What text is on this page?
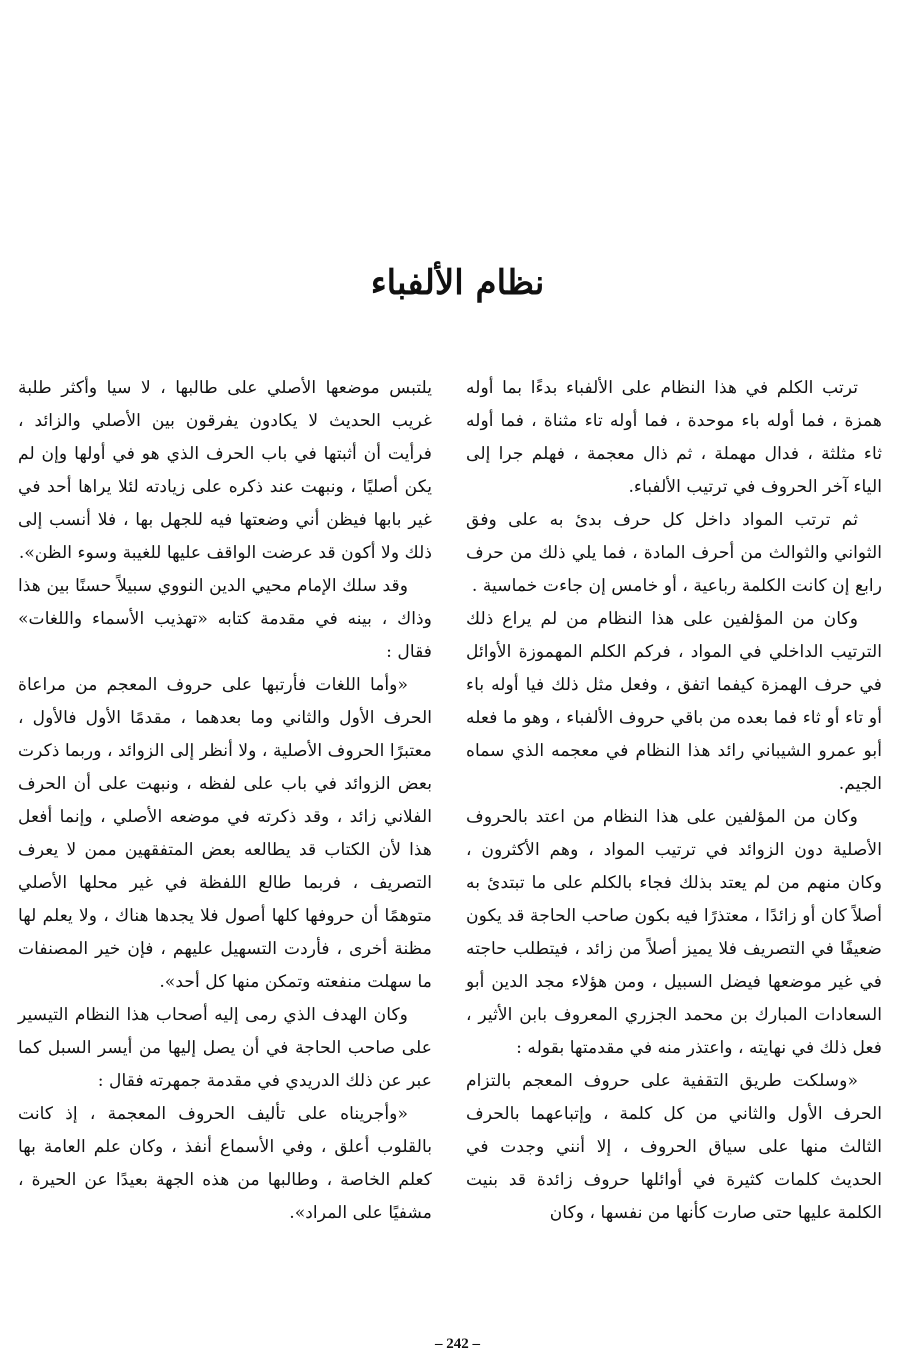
نظام الألفباء

ترتب الكلم في هذا النظام على الألفباء بدءًا بما أوله همزة ، فما أوله باء موحدة ، فما أوله تاء مثناة ، فما أوله ثاء مثلثة ، فدال مهملة ، ثم ذال معجمة ، فهلم جرا إلى الياء آخر الحروف في ترتيب الألفباء.

ثم ترتب المواد داخل كل حرف بدئ به على وفق الثواني والثوالث من أحرف المادة ، فما يلي ذلك من حرف رابع إن كانت الكلمة رباعية ، أو خامس إن جاءت خماسية .

وكان من المؤلفين على هذا النظام من لم يراع ذلك الترتيب الداخلي في المواد ، فركم الكلم المهموزة الأوائل في حرف الهمزة كيفما اتفق ، وفعل مثل ذلك فيا أوله باء أو تاء أو ثاء فما بعده من باقي حروف الألفباء ، وهو ما فعله أبو عمرو الشيباني رائد هذا النظام في معجمه الذي سماه الجيم.

وكان من المؤلفين على هذا النظام من اعتد بالحروف الأصلية دون الزوائد في ترتيب المواد ، وهم الأكثرون ، وكان منهم من لم يعتد بذلك فجاء بالكلم على ما تبتدئ به أصلاً كان أو زائدًا ، معتذرًا فيه بكون صاحب الحاجة قد يكون ضعيفًا في التصريف فلا يميز أصلاً من زائد ، فيتطلب حاجته في غير موضعها فيضل السبيل ، ومن هؤلاء مجد الدين أبو السعادات المبارك بن محمد الجزري المعروف بابن الأثير ، فعل ذلك في نهايته ، واعتذر منه في مقدمتها بقوله :

«وسلكت طريق التقفية على حروف المعجم بالتزام الحرف الأول والثاني من كل كلمة ، وإتباعهما بالحرف الثالث منها على سياق الحروف ، إلا أنني وجدت في الحديث كلمات كثيرة في أوائلها حروف زائدة قد بنيت الكلمة عليها حتى صارت كأنها من نفسها ، وكان

يلتبس موضعها الأصلي على طالبها ، لا سيا وأكثر طلبة غريب الحديث لا يكادون يفرقون بين الأصلي والزائد ، فرأيت أن أثبتها في باب الحرف الذي هو في أولها وإن لم يكن أصليًا ، ونبهت عند ذكره على زيادته لئلا يراها أحد في غير بابها فيظن أني وضعتها فيه للجهل بها ، فلا أنسب إلى ذلك ولا أكون قد عرضت الواقف عليها للغيبة وسوء الظن».

وقد سلك الإمام محيي الدين النووي سبيلاً حسنًا بين هذا وذاك ، بينه في مقدمة كتابه «تهذيب الأسماء واللغات» فقال :

«وأما اللغات فأرتبها على حروف المعجم من مراعاة الحرف الأول والثاني وما بعدهما ، مقدمًا الأول فالأول ، معتبرًا الحروف الأصلية ، ولا أنظر إلى الزوائد ، وربما ذكرت بعض الزوائد في باب على لفظه ، ونبهت على أن الحرف الفلاني زائد ، وقد ذكرته في موضعه الأصلي ، وإنما أفعل هذا لأن الكتاب قد يطالعه بعض المتفقهين ممن لا يعرف التصريف ، فربما طالع اللفظة في غير محلها الأصلي متوهمًا أن حروفها كلها أصول فلا يجدها هناك ، ولا يعلم لها مظنة أخرى ، فأردت التسهيل عليهم ، فإن خير المصنفات ما سهلت منفعته وتمكن منها كل أحد».

وكان الهدف الذي رمى إليه أصحاب هذا النظام التيسير على صاحب الحاجة في أن يصل إليها من أيسر السبل كما عبر عن ذلك الدريدي في مقدمة جمهرته فقال :

«وأجريناه على تأليف الحروف المعجمة ، إذ كانت بالقلوب أعلق ، وفي الأسماع أنفذ ، وكان علم العامة بها كعلم الخاصة ، وطالبها من هذه الجهة بعيدًا عن الحيرة ، مشفيًا على المراد».

– 242 –
